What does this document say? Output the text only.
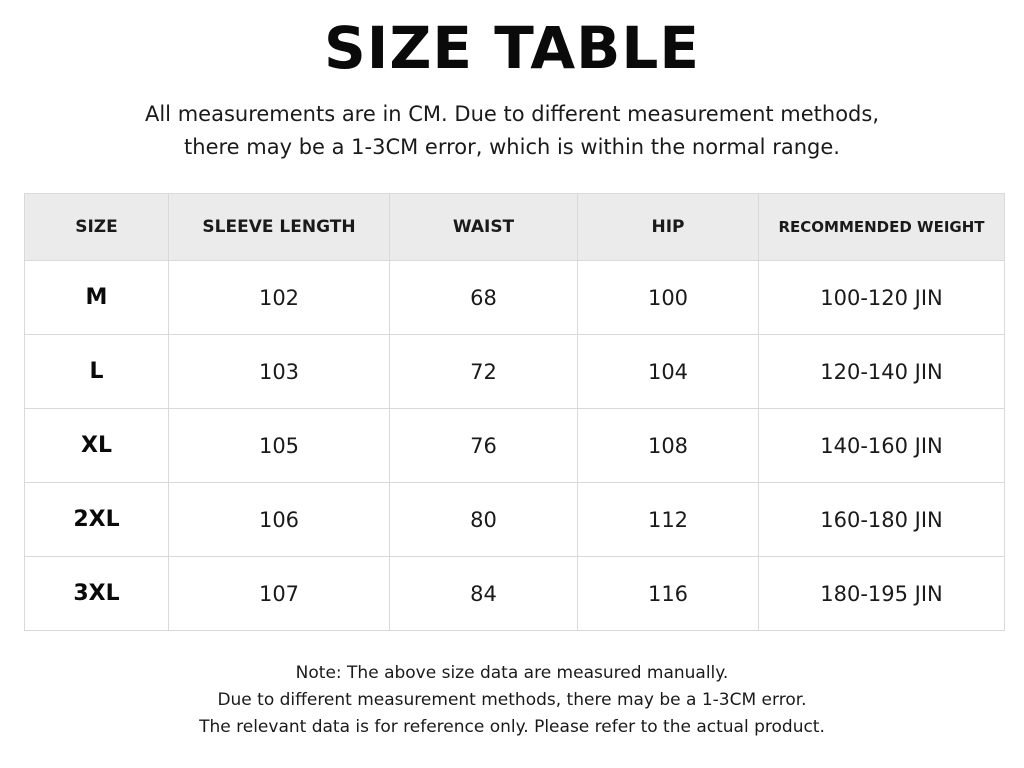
SIZE TABLE
All measurements are in CM. Due to different measurement methods,
there may be a 1-3CM error, which is within the normal range.
SIZE	SLEEVE LENGTH	WAIST	HIP	RECOMMENDED WEIGHT
M	102	68	100	100-120 JIN
L	103	72	104	120-140 JIN
XL	105	76	108	140-160 JIN
2XL	106	80	112	160-180 JIN
3XL	107	84	116	180-195 JIN
Note: The above size data are measured manually.
Due to different measurement methods, there may be a 1-3CM error.
The relevant data is for reference only. Please refer to the actual product.
